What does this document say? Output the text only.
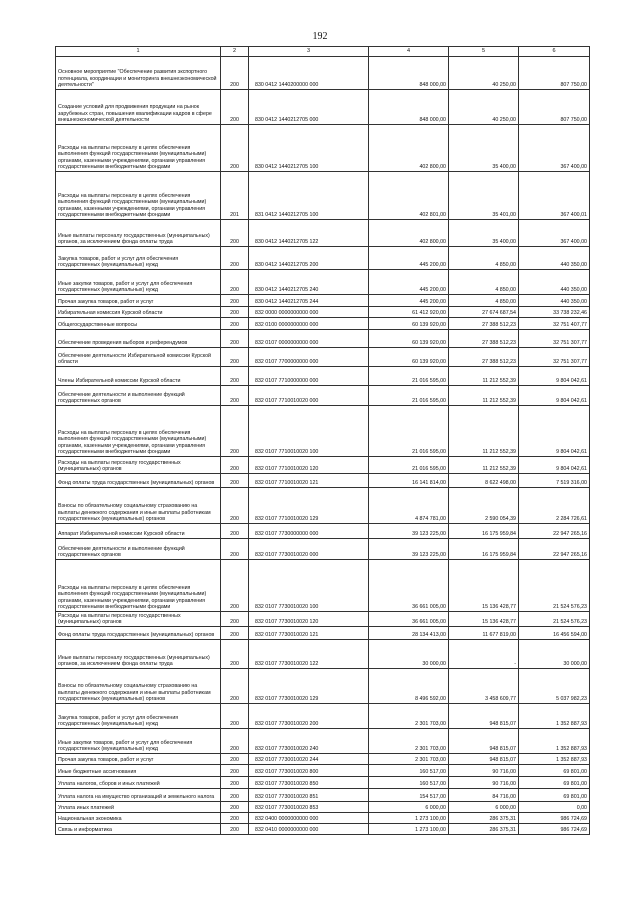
192
1	2	3	4	5	6
Основное мероприятие "Обеспечение развития экспортного потенциала, координации и мониторинга внешнеэкономической деятельности"	200	830 0412 1440200000 000	848 000,00	40 250,00	807 750,00
Создание условий для продвижения продукции на рынок зарубежных стран, повышения квалификации кадров в сфере внешнеэкономической деятельности	200	830 0412 1440212705 000	848 000,00	40 250,00	807 750,00
Расходы на выплаты персоналу в целях обеспечения выполнения функций государственными (муниципальными) органами, казенными учреждениями, органами управления государственными внебюджетными фондами	200	830 0412 1440212705 100	402 800,00	35 400,00	367 400,00
Расходы на выплаты персоналу в целях обеспечения выполнения функций государственными (муниципальными) органами, казенными учреждениями, органами управления государственными внебюджетными фондами	201	831 0412 1440212705 100	402 801,00	35 401,00	367 400,01
Иные выплаты персоналу государственных (муниципальных) органов, за исключением фонда оплаты труда	200	830 0412 1440212705 122	402 800,00	35 400,00	367 400,00
Закупка товаров, работ и услуг для обеспечения государственных (муниципальных) нужд	200	830 0412 1440212705 200	445 200,00	4 850,00	440 350,00
Иные закупки товаров, работ и услуг для обеспечения государственных (муниципальных) нужд	200	830 0412 1440212705 240	445 200,00	4 850,00	440 350,00
Прочая закупка товаров, работ и услуг	200	830 0412 1440212705 244	445 200,00	4 850,00	440 350,00
Избирательная комиссия Курской области	200	832 0000 0000000000 000	61 412 920,00	27 674 687,54	33 738 232,46
Общегосударственные вопросы	200	832 0100 0000000000 000	60 139 920,00	27 388 512,23	32 751 407,77
Обеспечение проведения выборов и референдумов	200	832 0107 0000000000 000	60 139 920,00	27 388 512,23	32 751 307,77
Обеспечение деятельности Избирательной комиссии Курской области	200	832 0107 7700000000 000	60 139 920,00	27 388 512,23	32 751 307,77
Члены Избирательной комиссии Курской области	200	832 0107 7710000000 000	21 016 595,00	11 212 552,39	9 804 042,61
Обеспечение деятельности и выполнение функций государственных органов	200	832 0107 7710010020 000	21 016 595,00	11 212 552,39	9 804 042,61
Расходы на выплаты персоналу в целях обеспечения выполнения функций государственными (муниципальными) органами, казенными учреждениями, органами управления государственными внебюджетными фондами	200	832 0107 7710010020 100	21 016 595,00	11 212 552,39	9 804 042,61
Расходы на выплаты персоналу государственных (муниципальных) органов	200	832 0107 7710010020 120	21 016 595,00	11 212 552,39	9 804 042,61
Фонд оплаты труда государственных (муниципальных) органов	200	832 0107 7710010020 121	16 141 814,00	8 622 498,00	7 519 316,00
Взносы по обязательному социальному страхованию на выплаты денежного содержания и иные выплаты работникам государственных (муниципальных) органов	200	832 0107 7710010020 129	4 874 781,00	2 590 054,39	2 284 726,61
Аппарат Избирательной комиссии Курской области	200	832 0107 7730000000 000	39 123 225,00	16 175 959,84	22 947 265,16
Обеспечение деятельности и выполнение функций государственных органов	200	832 0107 7730010020 000	39 123 225,00	16 175 959,84	22 947 265,16
Расходы на выплаты персоналу в целях обеспечения выполнения функций государственными (муниципальными) органами, казенными учреждениями, органами управления государственными внебюджетными фондами	200	832 0107 7730010020 100	36 661 005,00	15 136 428,77	21 524 576,23
Расходы на выплаты персоналу государственных (муниципальных) органов	200	832 0107 7730010020 120	36 661 005,00	15 136 428,77	21 524 576,23
Фонд оплаты труда государственных (муниципальных) органов	200	832 0107 7730010020 121	28 134 413,00	11 677 819,00	16 456 594,00
Иные выплаты персоналу государственных (муниципальных) органов, за исключением фонда оплаты труда	200	832 0107 7730010020 122	30 000,00	-	30 000,00
Взносы по обязательному социальному страхованию на выплаты денежного содержания и иные выплаты работникам государственных (муниципальных) органов	200	832 0107 7730010020 129	8 496 592,00	3 458 609,77	5 037 982,23
Закупка товаров, работ и услуг для обеспечения государственных (муниципальных) нужд	200	832 0107 7730010020 200	2 301 703,00	948 815,07	1 352 887,93
Иные закупки товаров, работ и услуг для обеспечения государственных (муниципальных) нужд	200	832 0107 7730010020 240	2 301 703,00	948 815,07	1 352 887,93
Прочая закупка товаров, работ и услуг	200	832 0107 7730010020 244	2 301 703,00	948 815,07	1 352 887,93
Иные бюджетные ассигнования	200	832 0107 7730010020 800	160 517,00	90 716,00	69 801,00
Уплата налогов, сборов и иных платежей	200	832 0107 7730010020 850	160 517,00	90 716,00	69 801,00
Уплата налога на имущество организаций и земельного налога	200	832 0107 7730010020 851	154 517,00	84 716,00	69 801,00
Уплата иных платежей	200	832 0107 7730010020 853	6 000,00	6 000,00	0,00
Национальная экономика	200	832 0400 0000000000 000	1 273 100,00	286 375,31	986 724,69
Связь и информатика	200	832 0410 0000000000 000	1 273 100,00	286 375,31	986 724,69
